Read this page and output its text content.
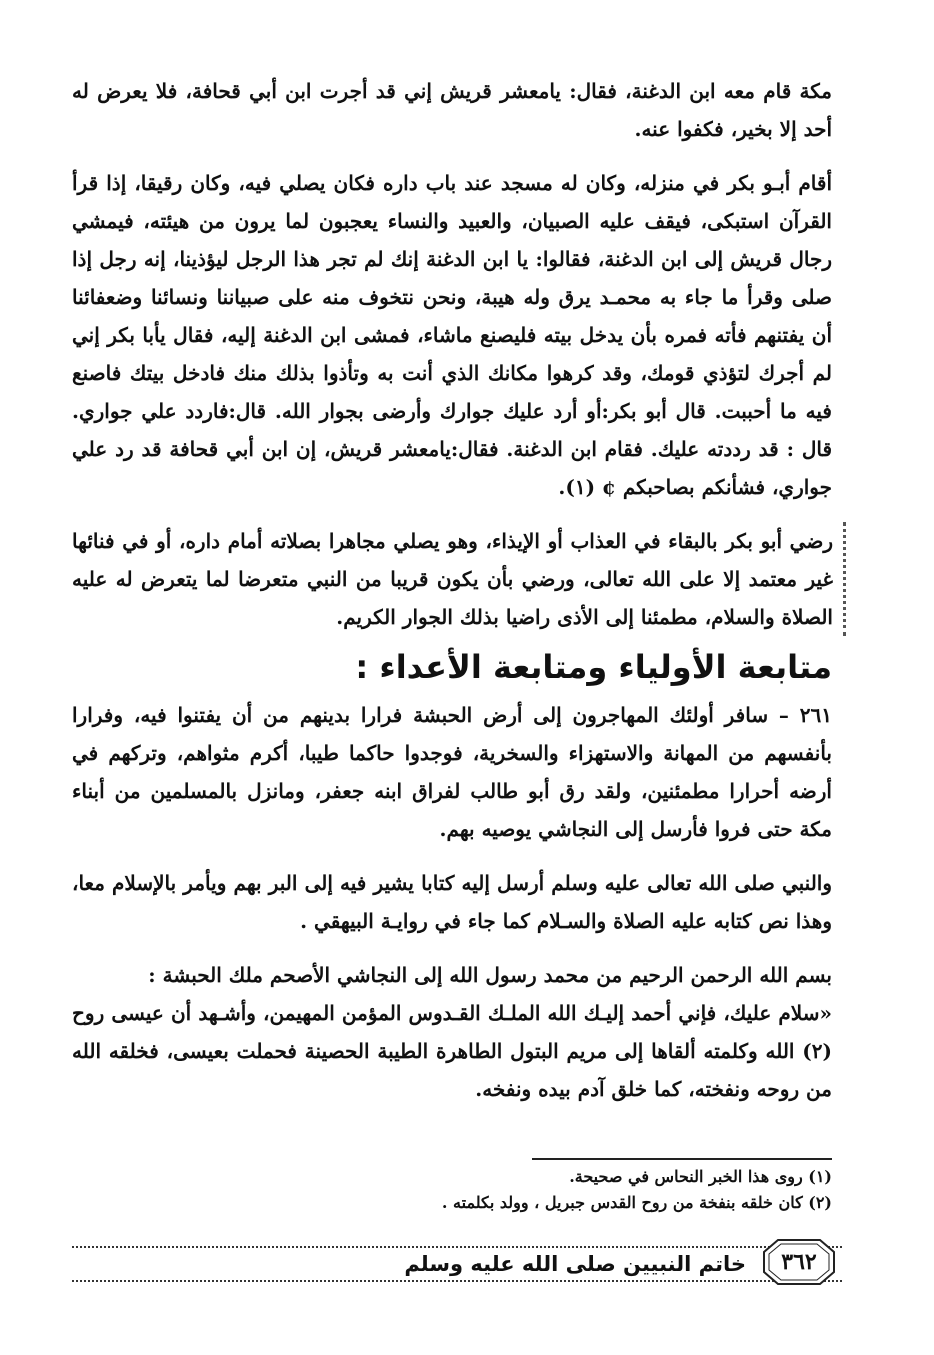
مكة قام معه ابن الدغنة، فقال: يامعشر قريش إني قد أجرت ابن أبي قحافة، فلا يعرض له أحد إلا بخير، فكفوا عنه.

أقام أبـو بكر في منزله، وكان له مسجد عند باب داره فكان يصلي فيه، وكان رقيقا، إذا قرأ القرآن استبكى، فيقف عليه الصبيان، والعبيد والنساء يعجبون لما يرون من هيئته، فيمشي رجال قريش إلى ابن الدغنة، فقالوا: يا ابن الدغنة إنك لم تجر هذا الرجل ليؤذينا، إنه رجل إذا صلى وقرأ ما جاء به محمـد يرق وله هيبة، ونحن نتخوف منه على صبياننا ونسائنا وضعفائنا أن يفتنهم فأته فمره بأن يدخل بيته فليصنع ماشاء، فمشى ابن الدغنة إليه، فقال يأبا بكر إني لم أجرك لتؤذي قومك، وقد كرهوا مكانك الذي أنت به وتأذوا بذلك منك فادخل بيتك فاصنع فيه ما أحببت. قال أبو بكر:أو أرد عليك جوارك وأرضى بجوار الله. قال:فاردد علي جواري. قال : قد رددته عليك. فقام ابن الدغنة. فقال:يامعشر قريش، إن ابن أبي قحافة قد رد علي جواري، فشأنكم بصاحبكم ¢ (١).

رضي أبو بكر بالبقاء في العذاب أو الإيذاء، وهو يصلي مجاهرا بصلاته أمام داره، أو في فنائها غير معتمد إلا على الله تعالى، ورضي بأن يكون قريبا من النبي متعرضا لما يتعرض له عليه الصلاة والسلام، مطمئنا إلى الأذى راضيا بذلك الجوار الكريم.

متابعة الأولياء ومتابعة الأعداء :

٢٦١ – سافر أولئك المهاجرون إلى أرض الحبشة فرارا بدينهم من أن يفتنوا فيه، وفرارا بأنفسهم من المهانة والاستهزاء والسخرية، فوجدوا حاكما طيبا، أكرم مثواهم، وتركهم في أرضه أحرارا مطمئنين، ولقد رق أبو طالب لفراق ابنه جعفر، ومانزل بالمسلمين من أبناء مكة حتى فروا فأرسل إلى النجاشي يوصيه بهم.

والنبي صلى الله تعالى عليه وسلم أرسل إليه كتابا يشير فيه إلى البر بهم ويأمر بالإسلام معا، وهذا نص كتابه عليه الصلاة والسـلام كما جاء في روايـة البيهقي .

بسم الله الرحمن الرحيم من محمد رسول الله إلى النجاشي الأصحم ملك الحبشة :

«سلام عليك، فإني أحمد إليـك الله الملـك القـدوس المؤمن المهيمن، وأشـهد أن عيسى روح (٢) الله وكلمته ألقاها إلى مريم البتول الطاهرة الطيبة الحصينة فحملت بعيسى، فخلقه الله من روحه ونفخته، كما خلق آدم بيده ونفخه.

(١) روى هذا الخبر النحاس في صحيحة.

(٢) كان خلقه بنفخة من روح القدس جبريل ، وولد بكلمته .

خاتم النبيين صلى الله عليه وسلم	٣٦٢
